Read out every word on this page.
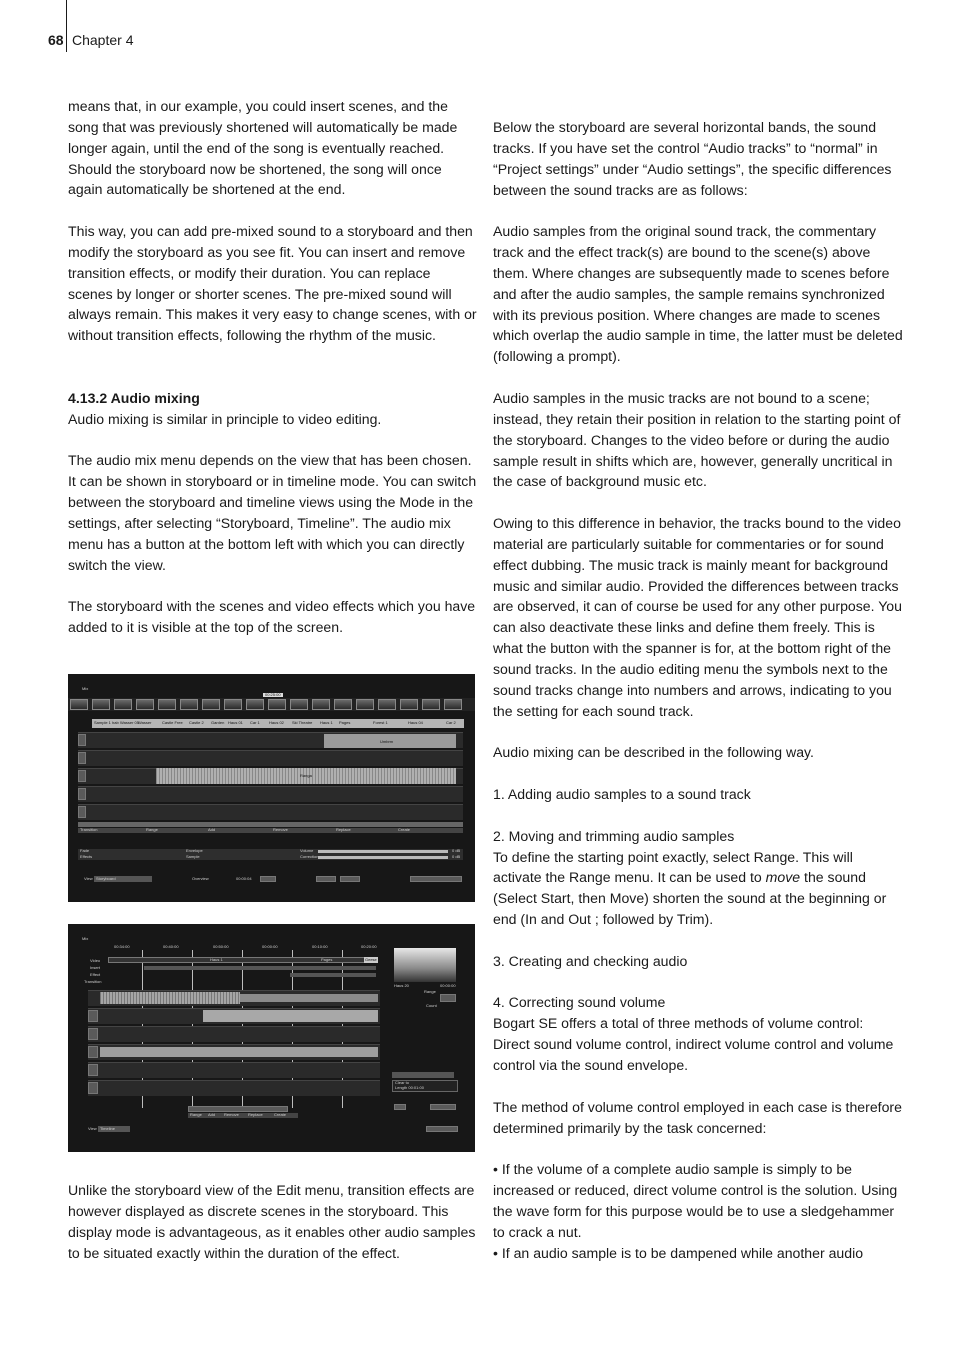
68 Chapter 4

means that, in our example, you could insert scenes, and the song that was previously shortened will automatically be made longer again, until the end of the song is eventually reached. Should the storyboard now be shortened, the song will once again automatically be shortened at the end.

This way, you can add pre-mixed sound to a storyboard and then modify the storyboard as you see fit. You can insert and remove transition effects, or modify their duration. You can replace scenes by longer or shorter scenes. The pre-mixed sound will always remain. This makes it very easy to change scenes, with or without transition effects, following the rhythm of the music.

4.13.2 Audio mixing

Audio mixing is similar in principle to video editing.

The audio mix menu depends on the view that has been chosen. It can be shown in storyboard or in timeline mode. You can switch between the storyboard and timeline views using the Mode in the settings, after selecting “Storyboard, Timeline”. The audio mix menu has a button at the bottom left with which you can directly switch the view.

The storyboard with the scenes and video effects which you have added to it is visible at the top of the screen.

Mix
00:25:00
Sample 1 hab Wasser 05 Wasser	Castle Free Castle 2 Garden Haus 01 Car 1 Haus 02 Ski Theatre Haus 1 Pages	Forest 1	Haus 04	Car 2
Umbrm
Ranga
Transition	Range	Add	Remove	Replace	Create
Fade	Envelope	Volume	0 dB
Effects	Sample	Correction	0 dB
View Storyboard	Overview	00:00:04
Mix
00:34:00	00:40:00	00:50:00	00:00:00	00:10:00	00:20:00
Video
Insert
Effect
Transition
Haus 1	Pages	Geese
Haus 20	00:00:00
Range
Count
Clear to
Length 00:01:00
Range Add Remove Replace	Create
View Timeline

Unlike the storyboard view of the Edit menu, transition effects are however displayed as discrete scenes in the storyboard. This display mode is advantageous, as it enables other audio samples to be situated exactly within the duration of the effect.

Below the storyboard are several horizontal bands, the sound tracks. If you have set the control “Audio tracks” to “normal” in “Project settings” under “Audio settings”, the specific differences between the sound tracks are as follows:

Audio samples from the original sound track, the commentary track and the effect track(s) are bound to the scene(s) above them. Where changes are subsequently made to scenes before and after the audio samples, the sample remains synchronized with its previous position. Where changes are made to scenes which overlap the audio sample in time, the latter must be deleted (following a prompt).

Audio samples in the music tracks are not bound to a scene; instead, they retain their position in relation to the starting point of the storyboard. Changes to the video before or during the audio sample result in shifts which are, however, generally uncritical in the case of background music etc.

Owing to this difference in behavior, the tracks bound to the video material are particularly suitable for commentaries or for sound effect dubbing. The music track is mainly meant for background music and similar audio. Provided the differences between tracks are observed, it can of course be used for any other purpose. You can also deactivate these links and define them freely. This is what the button with the spanner is for, at the bottom right of the sound tracks. In the audio editing menu the symbols next to the sound tracks change into numbers and arrows, indicating to you the setting for each sound track.

Audio mixing can be described in the following way.

1. Adding audio samples to a sound track

2. Moving and trimming audio samples

To define the starting point exactly, select Range. This will activate the Range menu. It can be used to move the sound (Select Start, then Move) shorten the sound at the beginning or end (In and Out ; followed by Trim).

3. Creating and checking audio

4. Correcting sound volume

Bogart SE offers a total of three methods of volume control: Direct sound volume control, indirect volume control and volume control via the sound envelope.

The method of volume control employed in each case is therefore determined primarily by the task concerned:

• If the volume of a complete audio sample is simply to be increased or reduced, direct volume control is the solution. Using the wave form for this purpose would be to use a sledgehammer to crack a nut.

• If an audio sample is to be dampened while another audio
